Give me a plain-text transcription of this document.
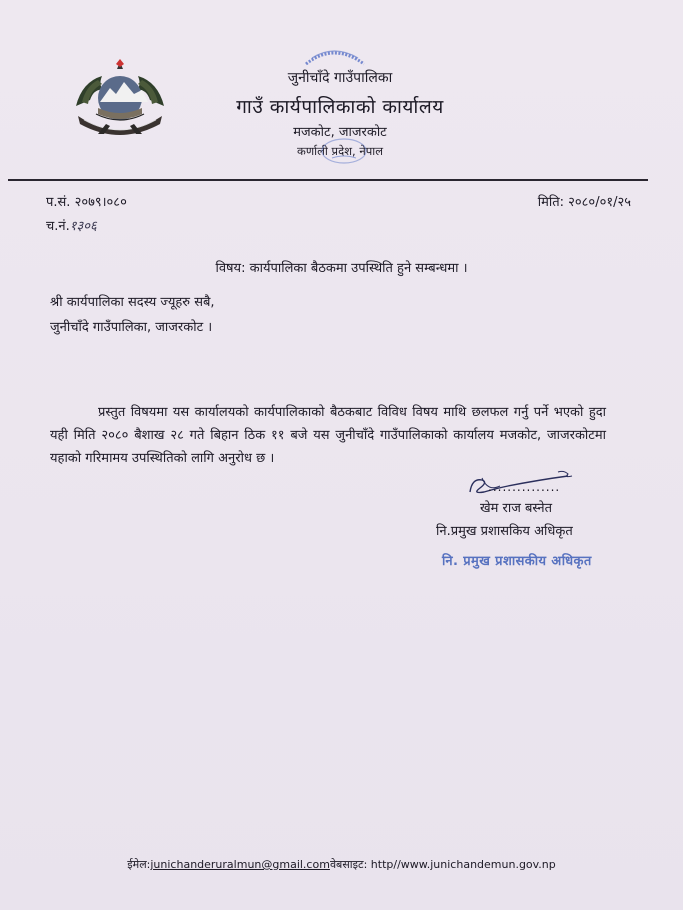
जुनीचाँदे गाउँपालिका
गाउँ कार्यपालिकाको कार्यालय
मजकोट, जाजरकोट
कर्णाली प्रदेश, नेपाल
प.सं. २०७९।०८०
च.नं.१३०६
मिति: २०८०/०१/२५
विषय: कार्यपालिका बैठकमा उपस्थिति हुने सम्बन्धमा ।
श्री कार्यपालिका सदस्य ज्यूहरु सबै,
जुनीचाँदे गाउँपालिका, जाजरकोट ।
प्रस्तुत विषयमा यस कार्यालयको कार्यपालिकाको बैठकबाट विविध विषय माथि छलफल गर्नु पर्ने भएको हुदा यही मिति २०८० बैशाख २८ गते बिहान ठिक ११ बजे यस जुनीचाँदे गाउँपालिकाको कार्यालय मजकोट, जाजरकोटमा यहाको गरिमामय उपस्थितिको लागि अनुरोध छ ।
...............
खेम राज बस्नेत
नि.प्रमुख प्रशासकिय अधिकृत
नि. प्रमुख प्रशासकीय अधिकृत
ईमेल:junichanderuralmun@gmail.comवेबसाइट: http//www.junichandemun.gov.np
